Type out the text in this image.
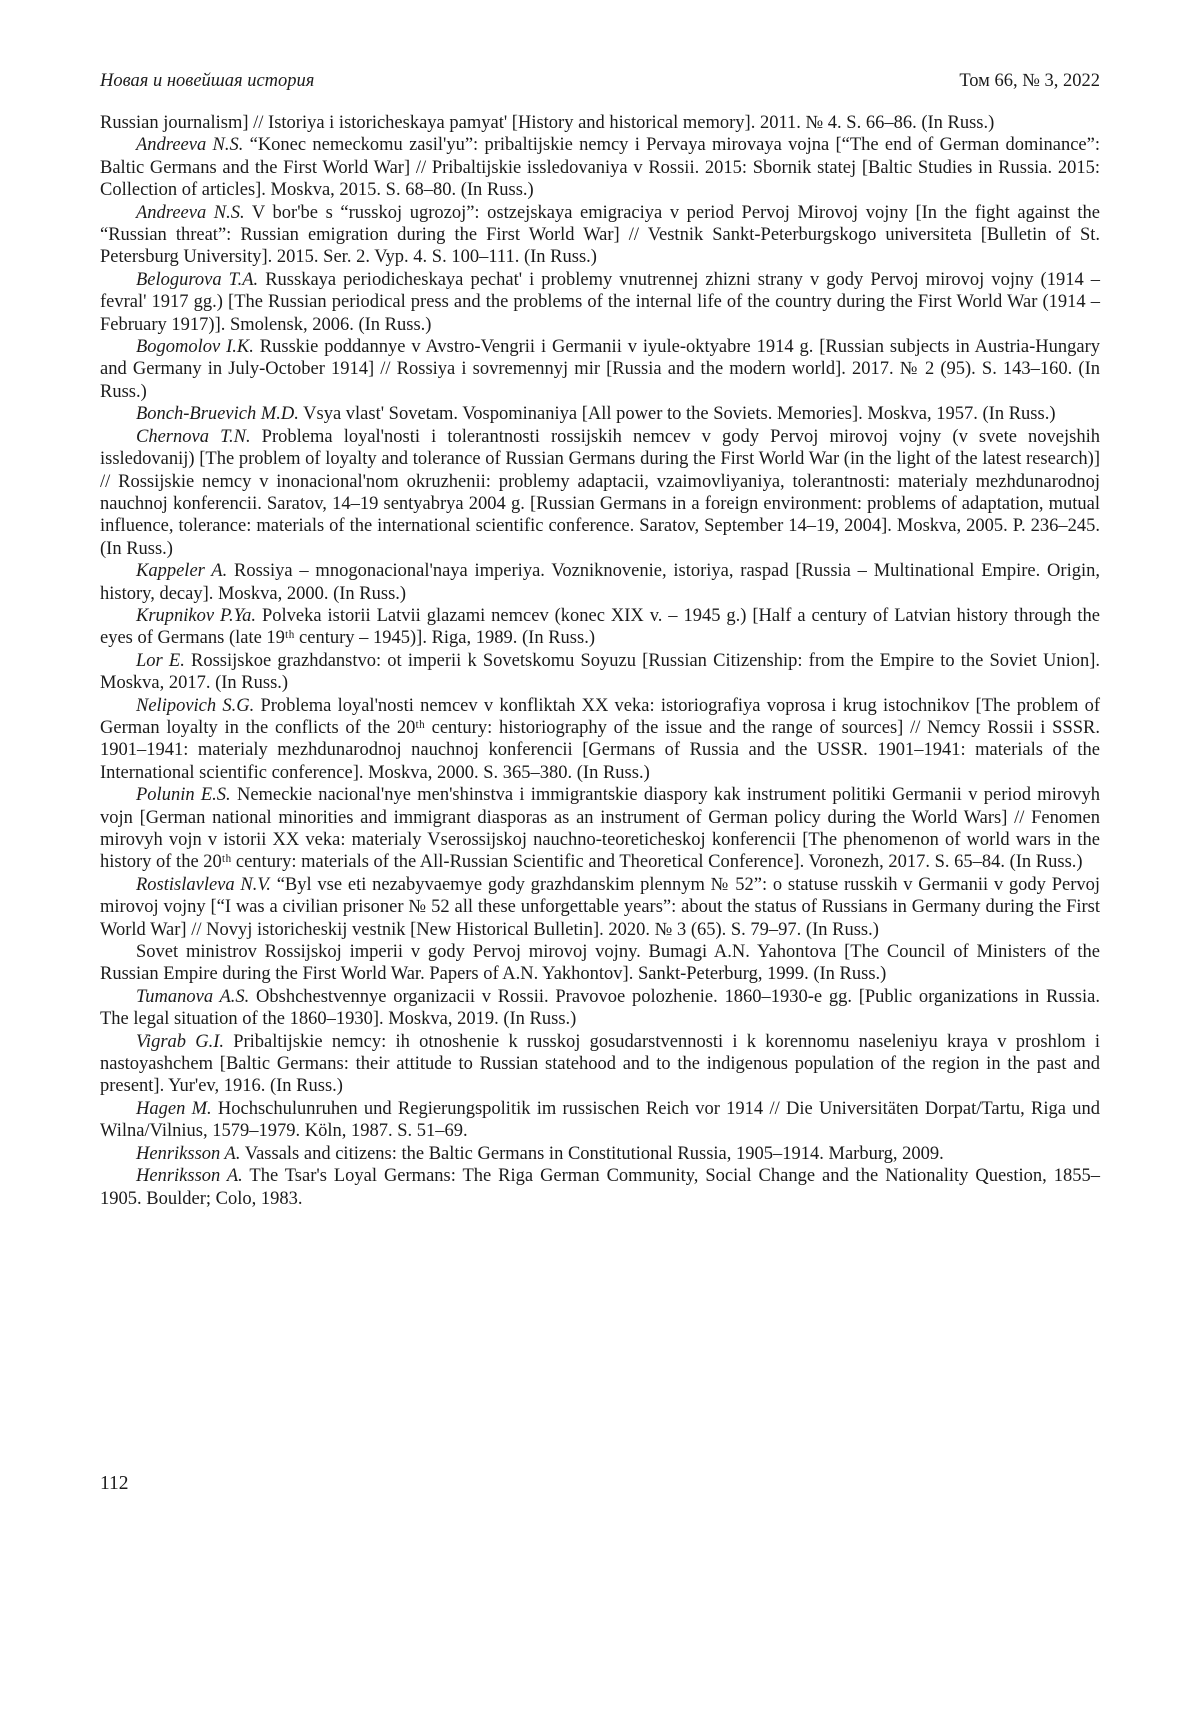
Новая и новейшая история	Том 66, № 3, 2022

Russian journalism] // Istoriya i istoricheskaya pamyat' [History and historical memory]. 2011. № 4. S. 66–86. (In Russ.)

Andreeva N.S. “Konec nemeckomu zasil'yu”: pribaltijskie nemcy i Pervaya mirovaya vojna [“The end of German dominance”: Baltic Germans and the First World War] // Pribaltijskie issledovaniya v Rossii. 2015: Sbornik statej [Baltic Studies in Russia. 2015: Collection of articles]. Moskva, 2015. S. 68–80. (In Russ.)

Andreeva N.S. V bor'be s “russkoj ugrozoj”: ostzejskaya emigraciya v period Pervoj Mirovoj vojny [In the fight against the “Russian threat”: Russian emigration during the First World War] // Vestnik Sankt-Peterburgskogo universiteta [Bulletin of St. Petersburg University]. 2015. Ser. 2. Vyp. 4. S. 100–111. (In Russ.)

Belogurova T.A. Russkaya periodicheskaya pechat' i problemy vnutrennej zhizni strany v gody Pervoj mirovoj vojny (1914 – fevral' 1917 gg.) [The Russian periodical press and the problems of the internal life of the country during the First World War (1914 – February 1917)]. Smolensk, 2006. (In Russ.)

Bogomolov I.K. Russkie poddannye v Avstro-Vengrii i Germanii v iyule-oktyabre 1914 g. [Russian subjects in Austria-Hungary and Germany in July-October 1914] // Rossiya i sovremennyj mir [Russia and the modern world]. 2017. № 2 (95). S. 143–160. (In Russ.)

Bonch-Bruevich M.D. Vsya vlast' Sovetam. Vospominaniya [All power to the Soviets. Memories]. Moskva, 1957. (In Russ.)

Chernova T.N. Problema loyal'nosti i tolerantnosti rossijskih nemcev v gody Pervoj mirovoj vojny (v svete novejshih issledovanij) [The problem of loyalty and tolerance of Russian Germans during the First World War (in the light of the latest research)] // Rossijskie nemcy v inonacional'nom okruzhenii: problemy adaptacii, vzaimovliyaniya, tolerantnosti: materialy mezhdunarodnoj nauchnoj konferencii. Saratov, 14–19 sentyabrya 2004 g. [Russian Germans in a foreign environment: problems of adaptation, mutual influence, tolerance: materials of the international scientific conference. Saratov, September 14–19, 2004]. Moskva, 2005. P. 236–245. (In Russ.)

Kappeler A. Rossiya – mnogonacional'naya imperiya. Vozniknovenie, istoriya, raspad [Russia – Multinational Empire. Origin, history, decay]. Moskva, 2000. (In Russ.)

Krupnikov P.Ya. Polveka istorii Latvii glazami nemcev (konec XIX v. – 1945 g.) [Half a century of Latvian history through the eyes of Germans (late 19ᵗʰ century – 1945)]. Riga, 1989. (In Russ.)

Lor E. Rossijskoe grazhdanstvo: ot imperii k Sovetskomu Soyuzu [Russian Citizenship: from the Empire to the Soviet Union]. Moskva, 2017. (In Russ.)

Nelipovich S.G. Problema loyal'nosti nemcev v konfliktah XX veka: istoriografiya voprosa i krug istochnikov [The problem of German loyalty in the conflicts of the 20ᵗʰ century: historiography of the issue and the range of sources] // Nemcy Rossii i SSSR. 1901–1941: materialy mezhdunarodnoj nauchnoj konferencii [Germans of Russia and the USSR. 1901–1941: materials of the International scientific conference]. Moskva, 2000. S. 365–380. (In Russ.)

Polunin E.S. Nemeckie nacional'nye men'shinstva i immigrantskie diaspory kak instrument politiki Germanii v period mirovyh vojn [German national minorities and immigrant diasporas as an instrument of German policy during the World Wars] // Fenomen mirovyh vojn v istorii XX veka: materialy Vserossijskoj nauchno-teoreticheskoj konferencii [The phenomenon of world wars in the history of the 20ᵗʰ century: materials of the All-Russian Scientific and Theoretical Conference]. Voronezh, 2017. S. 65–84. (In Russ.)

Rostislavleva N.V. “Byl vse eti nezabyvaemye gody grazhdanskim plennym № 52”: o statuse russkih v Germanii v gody Pervoj mirovoj vojny [“I was a civilian prisoner № 52 all these unforgettable years”: about the status of Russians in Germany during the First World War] // Novyj istoricheskij vestnik [New Historical Bulletin]. 2020. № 3 (65). S. 79–97. (In Russ.)

Sovet ministrov Rossijskoj imperii v gody Pervoj mirovoj vojny. Bumagi A.N. Yahontova [The Council of Ministers of the Russian Empire during the First World War. Papers of A.N. Yakhontov]. Sankt-Peterburg, 1999. (In Russ.)

Tumanova A.S. Obshchestvennye organizacii v Rossii. Pravovoe polozhenie. 1860–1930-e gg. [Public organizations in Russia. The legal situation of the 1860–1930]. Moskva, 2019. (In Russ.)

Vigrab G.I. Pribaltijskie nemcy: ih otnoshenie k russkoj gosudarstvennosti i k korennomu naseleniyu kraya v proshlom i nastoyashchem [Baltic Germans: their attitude to Russian statehood and to the indigenous population of the region in the past and present]. Yur'ev, 1916. (In Russ.)

Hagen M. Hochschulunruhen und Regierungspolitik im russischen Reich vor 1914 // Die Universitäten Dorpat/Tartu, Riga und Wilna/Vilnius, 1579–1979. Köln, 1987. S. 51–69.

Henriksson A. Vassals and citizens: the Baltic Germans in Constitutional Russia, 1905–1914. Marburg, 2009.

Henriksson A. The Tsar's Loyal Germans: The Riga German Community, Social Change and the Nationality Question, 1855–1905. Boulder; Colo, 1983.

112
